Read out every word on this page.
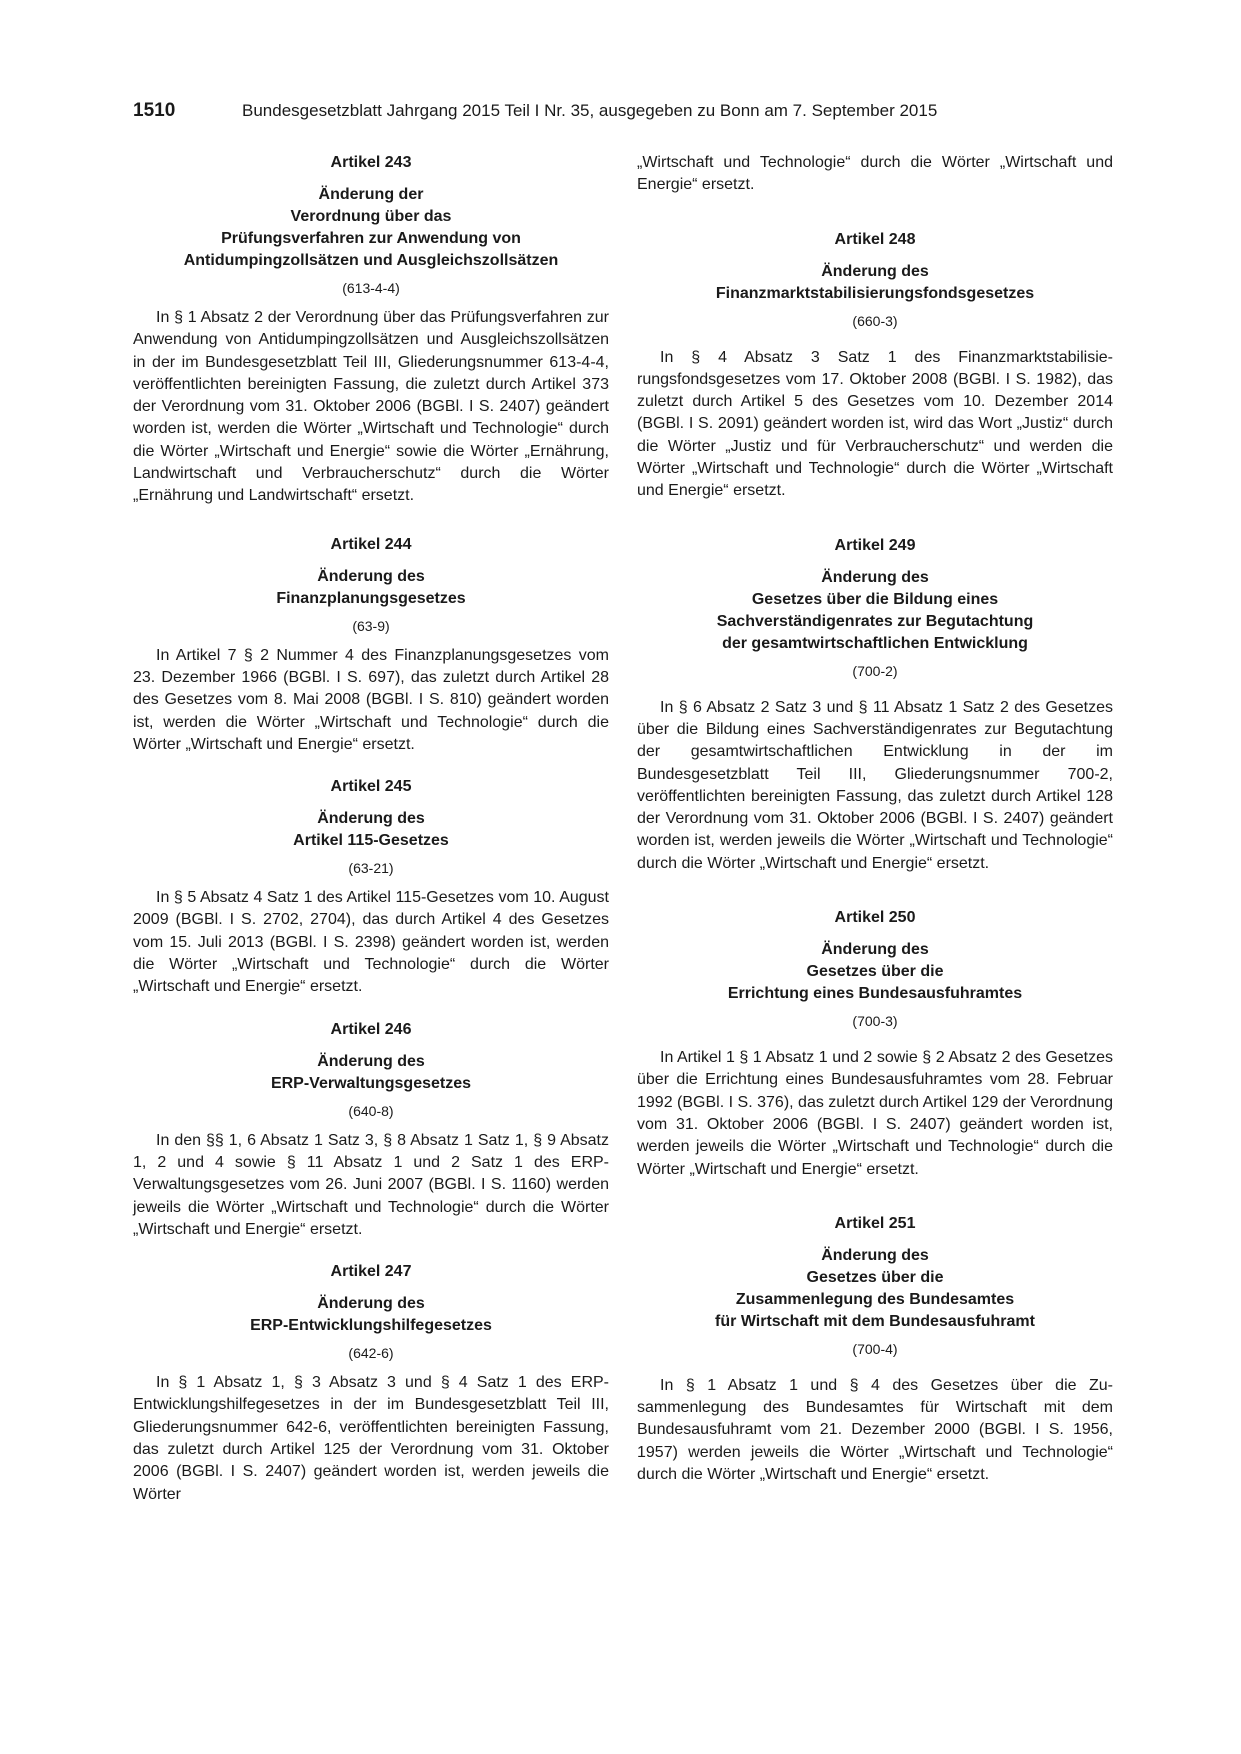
1510	Bundesgesetzblatt Jahrgang 2015 Teil I Nr. 35, ausgegeben zu Bonn am 7. September 2015

Artikel 243

Änderung der
Verordnung über das
Prüfungsverfahren zur Anwendung von
Antidumpingzollsätzen und Ausgleichszollsätzen

(613-4-4)

In § 1 Absatz 2 der Verordnung über das Prüfungsverfahren zur Anwendung von Antidumpingzollsätzen und Ausgleichszollsätzen in der im Bundesgesetzblatt Teil III, Gliederungsnummer 613-4-4, veröffentlichten bereinigten Fassung, die zuletzt durch Artikel 373 der Verordnung vom 31. Oktober 2006 (BGBl. I S. 2407) geändert worden ist, werden die Wörter „Wirtschaft und Technologie“ durch die Wörter „Wirtschaft und Energie“ sowie die Wörter „Ernährung, Landwirtschaft und Verbraucherschutz“ durch die Wörter „Ernährung und Landwirtschaft“ ersetzt.

Artikel 244

Änderung des
Finanzplanungsgesetzes

(63-9)

In Artikel 7 § 2 Nummer 4 des Finanzplanungsgesetzes vom 23. Dezember 1966 (BGBl. I S. 697), das zuletzt durch Artikel 28 des Gesetzes vom 8. Mai 2008 (BGBl. I S. 810) geändert worden ist, werden die Wörter „Wirtschaft und Technologie“ durch die Wörter „Wirtschaft und Energie“ ersetzt.

Artikel 245

Änderung des
Artikel 115-Gesetzes

(63-21)

In § 5 Absatz 4 Satz 1 des Artikel 115-Gesetzes vom 10. August 2009 (BGBl. I S. 2702, 2704), das durch Artikel 4 des Gesetzes vom 15. Juli 2013 (BGBl. I S. 2398) geändert worden ist, werden die Wörter „Wirtschaft und Technologie“ durch die Wörter „Wirtschaft und Energie“ ersetzt.

Artikel 246

Änderung des
ERP-Verwaltungsgesetzes

(640-8)

In den §§ 1, 6 Absatz 1 Satz 3, § 8 Absatz 1 Satz 1, § 9 Absatz 1, 2 und 4 sowie § 11 Absatz 1 und 2 Satz 1 des ERP-Verwaltungsgesetzes vom 26. Juni 2007 (BGBl. I S. 1160) werden jeweils die Wörter „Wirtschaft und Technologie“ durch die Wörter „Wirtschaft und Energie“ ersetzt.

Artikel 247

Änderung des
ERP-Entwicklungshilfegesetzes

(642-6)

In § 1 Absatz 1, § 3 Absatz 3 und § 4 Satz 1 des ERP-Entwicklungshilfegesetzes in der im Bundesgesetzblatt Teil III, Gliederungsnummer 642-6, veröffentlichten bereinigten Fassung, das zuletzt durch Artikel 125 der Verordnung vom 31. Oktober 2006 (BGBl. I S. 2407) geändert worden ist, werden jeweils die Wörter

„Wirtschaft und Technologie“ durch die Wörter „Wirtschaft und Energie“ ersetzt.

Artikel 248

Änderung des
Finanzmarktstabilisierungsfondsgesetzes

(660-3)

In § 4 Absatz 3 Satz 1 des Finanzmarktstabilisierungsfondsgesetzes vom 17. Oktober 2008 (BGBl. I S. 1982), das zuletzt durch Artikel 5 des Gesetzes vom 10. Dezember 2014 (BGBl. I S. 2091) geändert worden ist, wird das Wort „Justiz“ durch die Wörter „Justiz und für Verbraucherschutz“ und werden die Wörter „Wirtschaft und Technologie“ durch die Wörter „Wirtschaft und Energie“ ersetzt.

Artikel 249

Änderung des
Gesetzes über die Bildung eines
Sachverständigenrates zur Begutachtung
der gesamtwirtschaftlichen Entwicklung

(700-2)

In § 6 Absatz 2 Satz 3 und § 11 Absatz 1 Satz 2 des Gesetzes über die Bildung eines Sachverständigenrates zur Begutachtung der gesamtwirtschaftlichen Entwicklung in der im Bundesgesetzblatt Teil III, Gliederungsnummer 700-2, veröffentlichten bereinigten Fassung, das zuletzt durch Artikel 128 der Verordnung vom 31. Oktober 2006 (BGBl. I S. 2407) geändert worden ist, werden jeweils die Wörter „Wirtschaft und Technologie“ durch die Wörter „Wirtschaft und Energie“ ersetzt.

Artikel 250

Änderung des
Gesetzes über die
Errichtung eines Bundesausfuhramtes

(700-3)

In Artikel 1 § 1 Absatz 1 und 2 sowie § 2 Absatz 2 des Gesetzes über die Errichtung eines Bundesausfuhramtes vom 28. Februar 1992 (BGBl. I S. 376), das zuletzt durch Artikel 129 der Verordnung vom 31. Oktober 2006 (BGBl. I S. 2407) geändert worden ist, werden jeweils die Wörter „Wirtschaft und Technologie“ durch die Wörter „Wirtschaft und Energie“ ersetzt.

Artikel 251

Änderung des
Gesetzes über die
Zusammenlegung des Bundesamtes
für Wirtschaft mit dem Bundesausfuhramt

(700-4)

In § 1 Absatz 1 und § 4 des Gesetzes über die Zusammenlegung des Bundesamtes für Wirtschaft mit dem Bundesausfuhramt vom 21. Dezember 2000 (BGBl. I S. 1956, 1957) werden jeweils die Wörter „Wirtschaft und Technologie“ durch die Wörter „Wirtschaft und Energie“ ersetzt.
